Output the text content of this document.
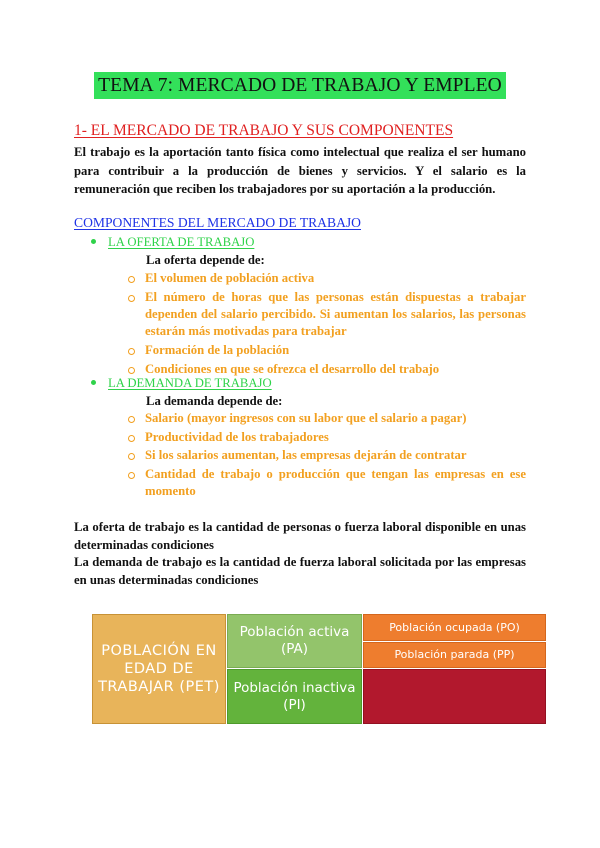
TEMA 7: MERCADO DE TRABAJO Y EMPLEO
1- EL MERCADO DE TRABAJO Y SUS COMPONENTES
El trabajo es la aportación tanto física como intelectual que realiza el ser humano para contribuir a la producción de bienes y servicios. Y el salario es la remuneración que reciben los trabajadores por su aportación a la producción.
COMPONENTES DEL MERCADO DE TRABAJO
LA OFERTA DE TRABAJO
La oferta depende de:
El volumen de población activa
El número de horas que las personas están dispuestas a trabajar dependen del salario percibido. Si aumentan los salarios, las personas estarán más motivadas para trabajar
Formación de la población
Condiciones en que se ofrezca el desarrollo del trabajo
LA DEMANDA DE TRABAJO
La demanda depende de:
Salario (mayor ingresos con su labor que el salario a pagar)
Productividad de los trabajadores
Si los salarios aumentan, las empresas dejarán de contratar
Cantidad de trabajo o producción que tengan las empresas en ese momento
La oferta de trabajo es la cantidad de personas o fuerza laboral disponible en unas determinadas condiciones
La demanda de trabajo es la cantidad de fuerza laboral solicitada por las empresas en unas determinadas condiciones
POBLACIÓN EN EDAD DE TRABAJAR (PET)
Población activa (PA)
Población inactiva (PI)
Población ocupada (PO)
Población parada (PP)
